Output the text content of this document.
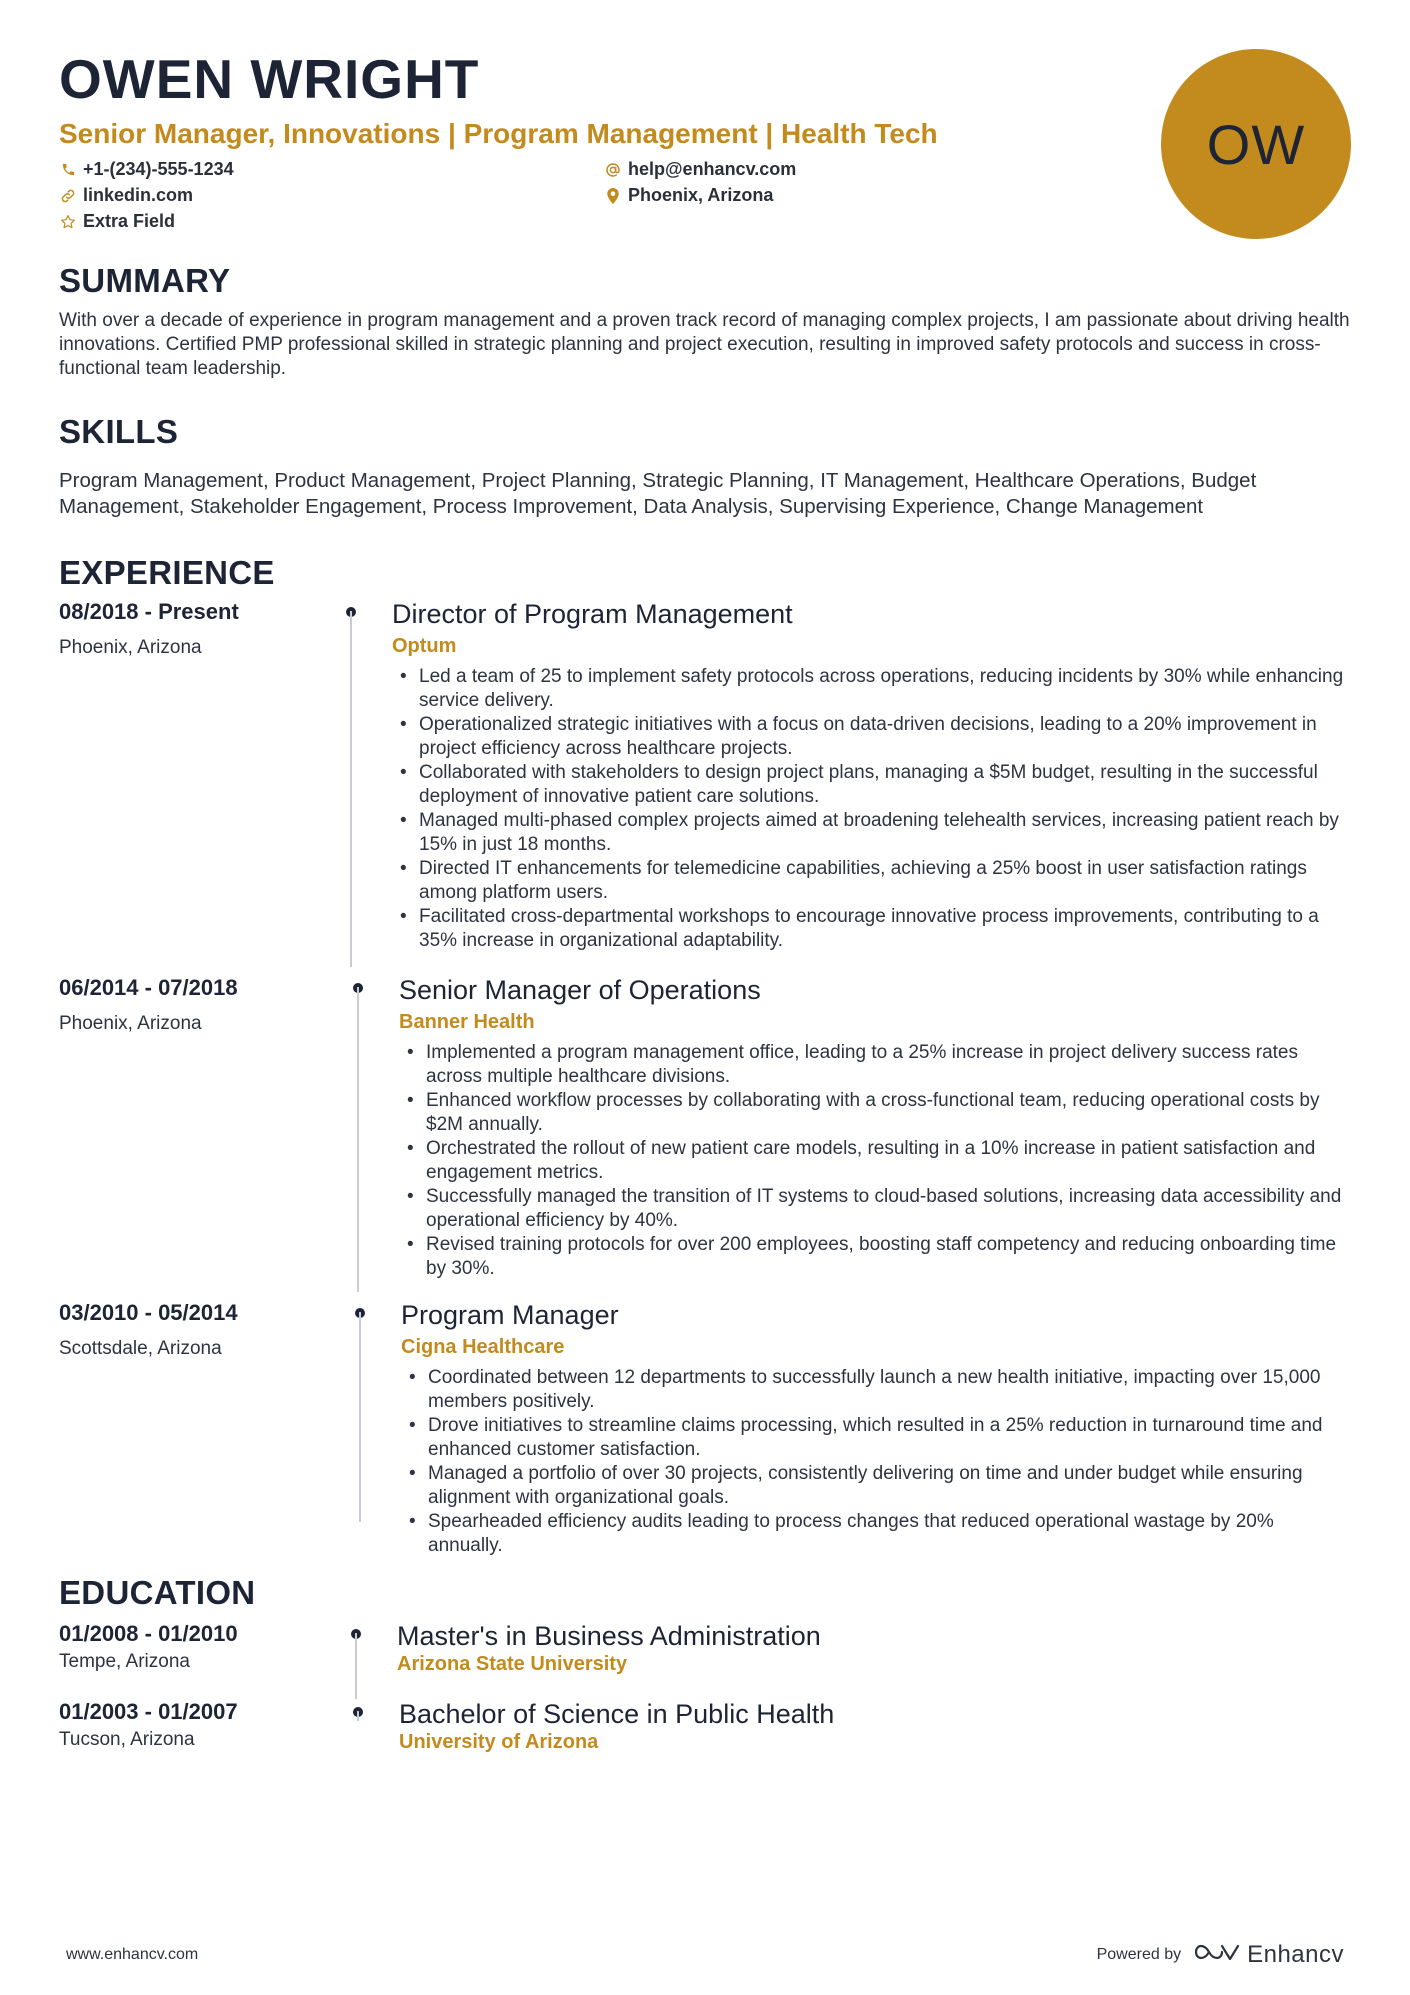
OWEN WRIGHT
Senior Manager, Innovations | Program Management | Health Tech
+1-(234)-555-1234	help@enhancv.com
linkedin.com	Phoenix, Arizona
Extra Field
OW
SUMMARY
With over a decade of experience in program management and a proven track record of managing complex projects, I am passionate about driving health innovations. Certified PMP professional skilled in strategic planning and project execution, resulting in improved safety protocols and success in cross-functional team leadership.
SKILLS
Program Management, Product Management, Project Planning, Strategic Planning, IT Management, Healthcare Operations, Budget Management, Stakeholder Engagement, Process Improvement, Data Analysis, Supervising Experience, Change Management
EXPERIENCE
08/2018 - Present
Phoenix, Arizona
Director of Program Management
Optum
• Led a team of 25 to implement safety protocols across operations, reducing incidents by 30% while enhancing service delivery.
• Operationalized strategic initiatives with a focus on data-driven decisions, leading to a 20% improvement in project efficiency across healthcare projects.
• Collaborated with stakeholders to design project plans, managing a $5M budget, resulting in the successful deployment of innovative patient care solutions.
• Managed multi-phased complex projects aimed at broadening telehealth services, increasing patient reach by 15% in just 18 months.
• Directed IT enhancements for telemedicine capabilities, achieving a 25% boost in user satisfaction ratings among platform users.
• Facilitated cross-departmental workshops to encourage innovative process improvements, contributing to a 35% increase in organizational adaptability.
06/2014 - 07/2018
Phoenix, Arizona
Senior Manager of Operations
Banner Health
• Implemented a program management office, leading to a 25% increase in project delivery success rates across multiple healthcare divisions.
• Enhanced workflow processes by collaborating with a cross-functional team, reducing operational costs by $2M annually.
• Orchestrated the rollout of new patient care models, resulting in a 10% increase in patient satisfaction and engagement metrics.
• Successfully managed the transition of IT systems to cloud-based solutions, increasing data accessibility and operational efficiency by 40%.
• Revised training protocols for over 200 employees, boosting staff competency and reducing onboarding time by 30%.
03/2010 - 05/2014
Scottsdale, Arizona
Program Manager
Cigna Healthcare
• Coordinated between 12 departments to successfully launch a new health initiative, impacting over 15,000 members positively.
• Drove initiatives to streamline claims processing, which resulted in a 25% reduction in turnaround time and enhanced customer satisfaction.
• Managed a portfolio of over 30 projects, consistently delivering on time and under budget while ensuring alignment with organizational goals.
• Spearheaded efficiency audits leading to process changes that reduced operational wastage by 20% annually.
EDUCATION
01/2008 - 01/2010
Tempe, Arizona
Master's in Business Administration
Arizona State University
01/2003 - 01/2007
Tucson, Arizona
Bachelor of Science in Public Health
University of Arizona
www.enhancv.com	Powered by	Enhancv
